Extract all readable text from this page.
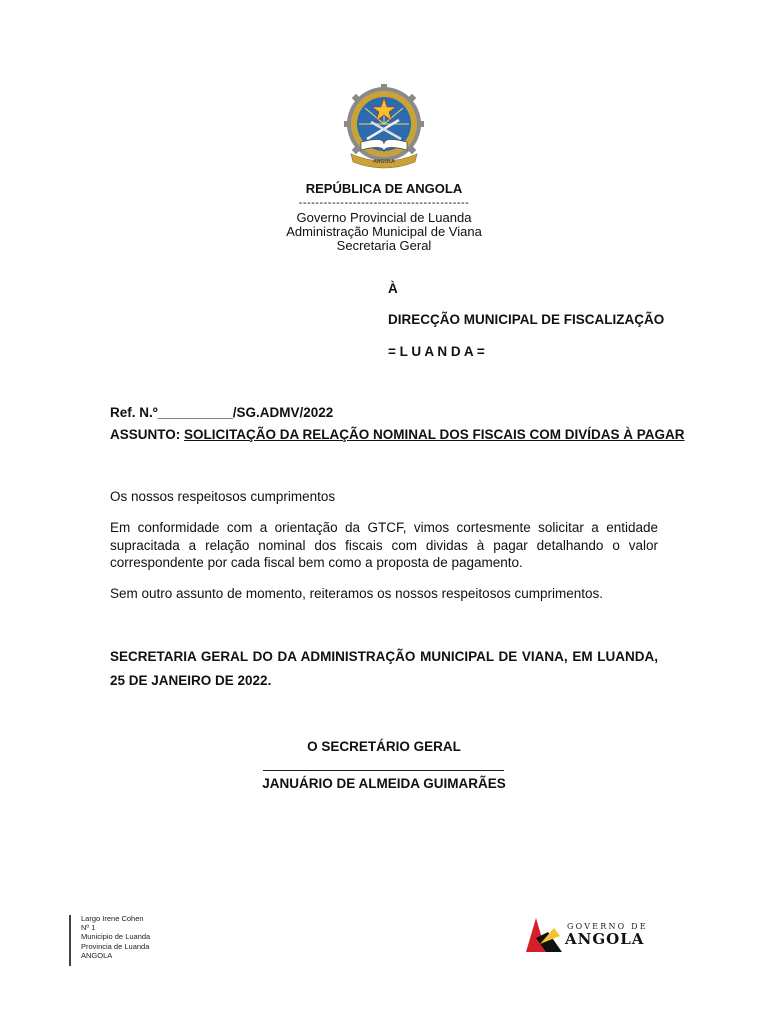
ANGOLA
REPÚBLICA DE ANGOLA
-----------------------------------------
Governo Provincial de Luanda
Administração Municipal de Viana
Secretaria Geral
À
DIRECÇÃO MUNICIPAL DE FISCALIZAÇÃO
= L U A N D A =
Ref. N.º__________/SG.ADMV/2022
ASSUNTO: SOLICITAÇÃO DA RELAÇÃO NOMINAL DOS FISCAIS COM DIVÍDAS À PAGAR
Os nossos respeitosos cumprimentos
Em conformidade com a orientação da GTCF, vimos cortesmente solicitar a entidade supracitada a relação nominal dos fiscais com dividas à pagar detalhando o valor correspondente por cada fiscal bem como a proposta de pagamento.
Sem outro assunto de momento, reiteramos os nossos respeitosos cumprimentos.
SECRETARIA GERAL DO DA ADMINISTRAÇÃO MUNICIPAL DE VIANA, EM LUANDA, 25 DE JANEIRO DE 2022.
O SECRETÁRIO GERAL
JANUÁRIO DE ALMEIDA GUIMARÃES
Largo Irene Cohen
Nº 1
Municipio de Luanda
Provincia de Luanda
ANGOLA
GOVERNO DE
ANGOLA
